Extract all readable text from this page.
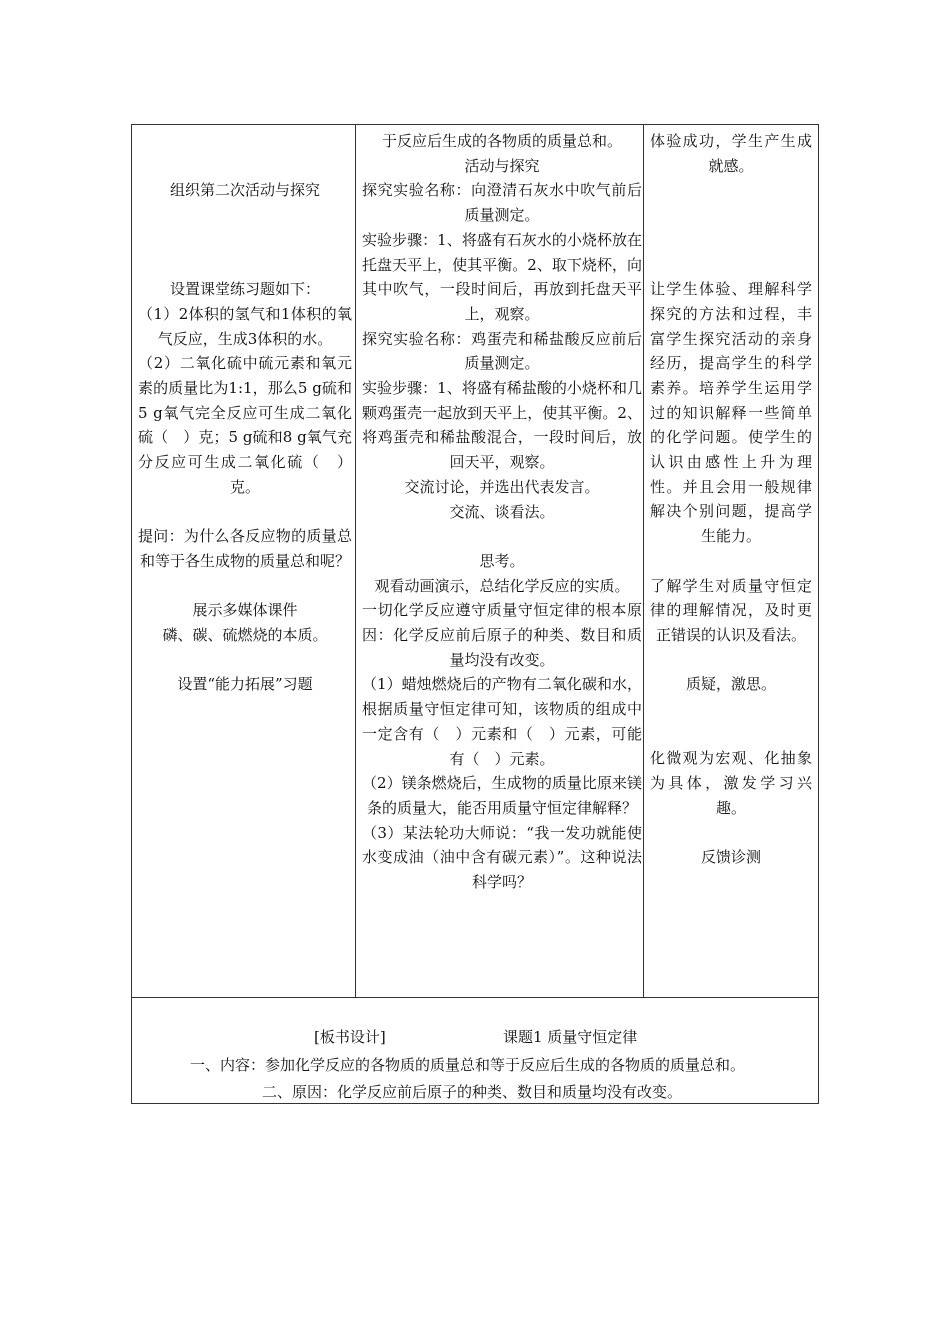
组织第二次活动与探究

设置课堂练习题如下：

（1）2体积的氢气和1体积的氧气反应，生成3体积的水。

（2）二氧化硫中硫元素和氧元素的质量比为1:1，那么5 g硫和5 g氧气完全反应可生成二氧化硫（　）克；5 g硫和8 g氧气充分反应可生成二氧化硫（　）克。

提问：为什么各反应物的质量总和等于各生成物的质量总和呢？

展示多媒体课件

磷、碳、硫燃烧的本质。

设置“能力拓展”习题

于反应后生成的各物质的质量总和。

活动与探究

探究实验名称：向澄清石灰水中吹气前后质量测定。

实验步骤：1、将盛有石灰水的小烧杯放在托盘天平上，使其平衡。2、取下烧杯，向其中吹气，一段时间后，再放到托盘天平上，观察。

探究实验名称：鸡蛋壳和稀盐酸反应前后质量测定。

实验步骤：1、将盛有稀盐酸的小烧杯和几颗鸡蛋壳一起放到天平上，使其平衡。2、将鸡蛋壳和稀盐酸混合，一段时间后，放回天平，观察。

交流讨论，并选出代表发言。

交流、谈看法。

思考。

观看动画演示，总结化学反应的实质。

一切化学反应遵守质量守恒定律的根本原因：化学反应前后原子的种类、数目和质量均没有改变。

（1）蜡烛燃烧后的产物有二氧化碳和水，根据质量守恒定律可知，该物质的组成中一定含有（　）元素和（　）元素，可能有（　）元素。

（2）镁条燃烧后，生成物的质量比原来镁条的质量大，能否用质量守恒定律解释？

（3）某法轮功大师说：“我一发功就能使水变成油（油中含有碳元素）”。这种说法科学吗？

体验成功，学生产生成就感。

让学生体验、理解科学探究的方法和过程，丰富学生探究活动的亲身经历，提高学生的科学素养。培养学生运用学过的知识解释一些简单的化学问题。使学生的认识由感性上升为理性。并且会用一般规律解决个别问题，提高学生能力。

了解学生对质量守恒定律的理解情况，及时更正错误的认识及看法。

质疑，激思。

化微观为宏观、化抽象为具体，激发学习兴趣。

反馈诊测

[板书设计]	课题1 质量守恒定律
一、内容：参加化学反应的各物质的质量总和等于反应后生成的各物质的质量总和。
二、原因：化学反应前后原子的种类、数目和质量均没有改变。
